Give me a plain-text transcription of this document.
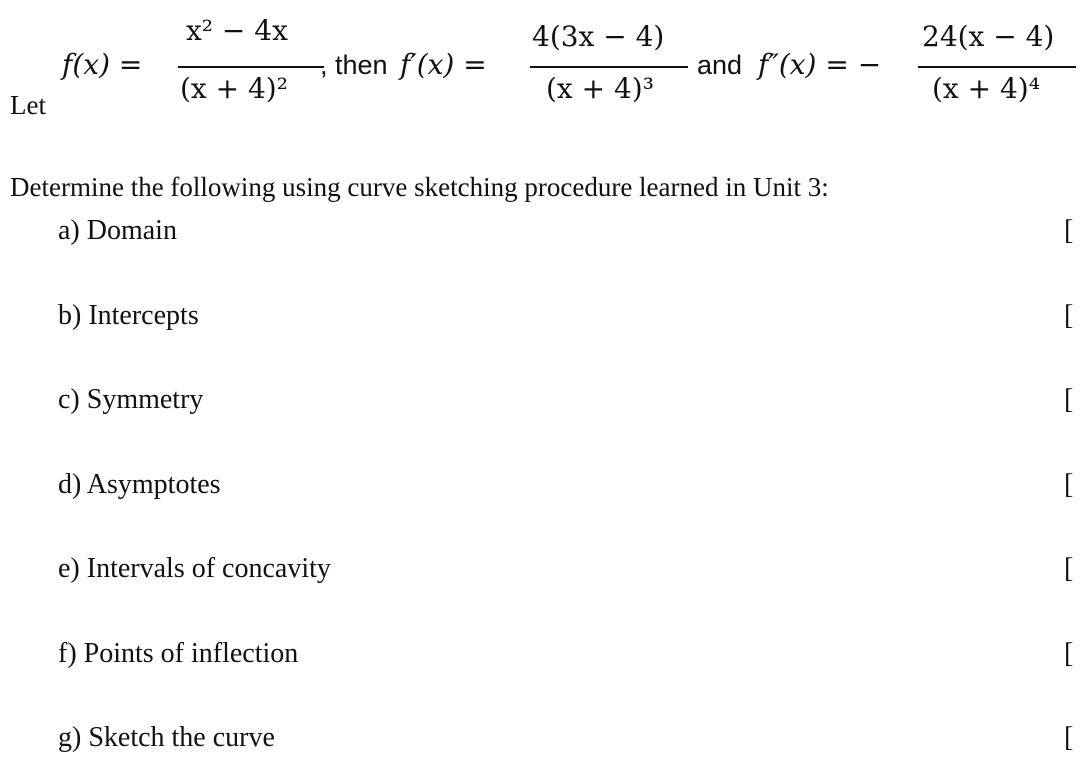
Let
f(x) =
x² − 4x
(x + 4)²
, then f′(x) =
4(3x − 4)
(x + 4)³
and f″(x) = −
24(x − 4)
(x + 4)⁴
Determine the following using curve sketching procedure learned in Unit 3:
a) Domain	[
b) Intercepts	[
c) Symmetry	[
d) Asymptotes	[
e) Intervals of concavity	[
f) Points of inflection	[
g) Sketch the curve	[
